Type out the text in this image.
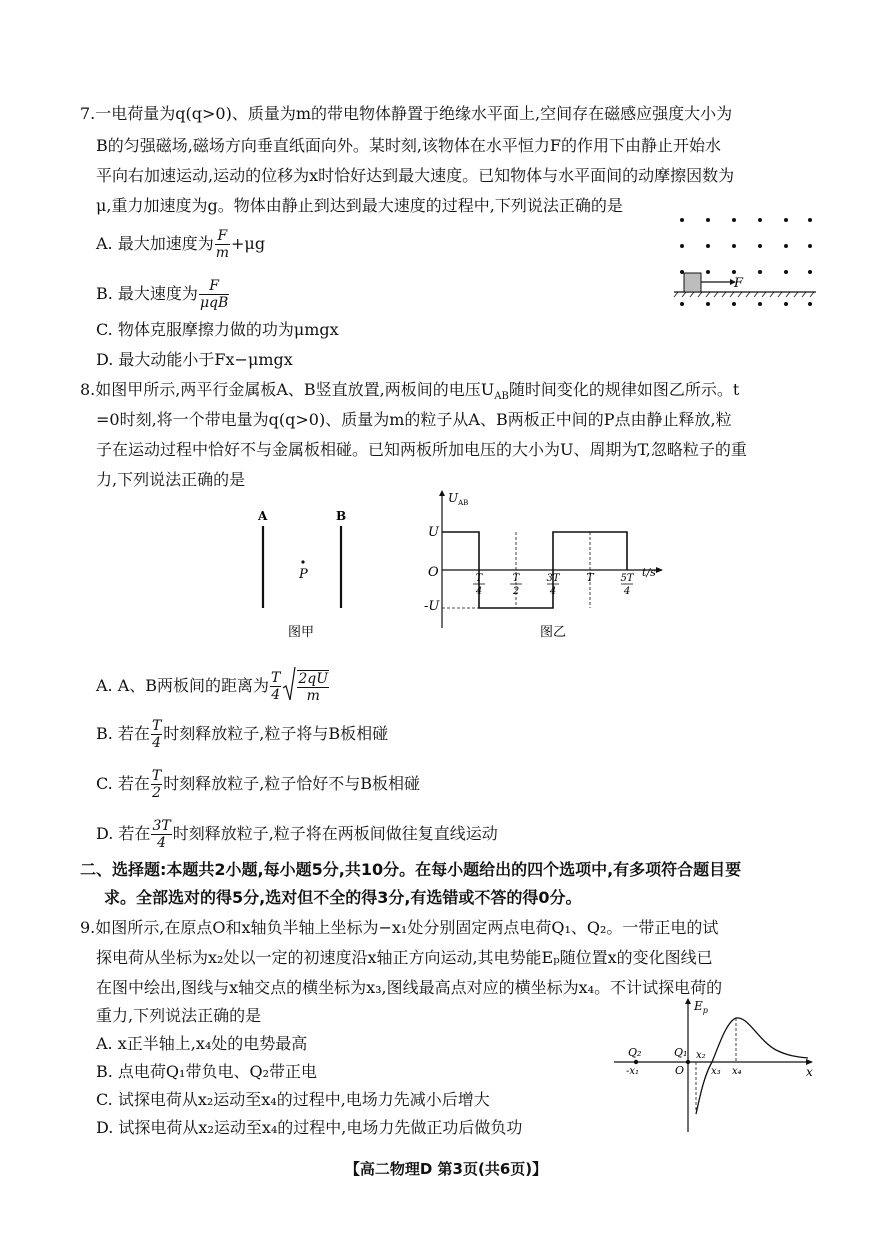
7.一电荷量为q(q>0)、质量为m的带电物体静置于绝缘水平面上,空间存在磁感应强度大小为
B的匀强磁场,磁场方向垂直纸面向外。某时刻,该物体在水平恒力F的作用下由静止开始水
平向右加速运动,运动的位移为x时恰好达到最大速度。已知物体与水平面间的动摩擦因数为
μ,重力加速度为g。物体由静止到达到最大速度的过程中,下列说法正确的是
A. 最大加速度为 $\frac{F}{m} +\mu g$
B. 最大速度为 $\frac{F}{\text{μqB}}$
C. 物体克服摩擦力做的功为μmgx
D. 最大动能小于Fx−μmgx
F
8.如图甲所示,两平行金属板A、B竖直放置,两板间的电压$U_{AB}$随时间变化的规律如图乙所示。t
=0时刻,将一个带电量为q(q>0)、质量为m的粒子从A、B两板正中间的P点由静止释放,粒
子在运动过程中恰好不与金属板相碰。已知两板所加电压的大小为U、周期为T,忽略粒子的重
力,下列说法正确的是
A	B
P
图甲
$U_{AB}$
O
U
-U
T
4
T
2
3T
4
T	5T
4
t/s
图乙
A. A、B两板间的距离为 $\frac{T}{4} \frac{2qU}{m}$
B. 若在 $\frac{T}{4}$ 时刻释放粒子,粒子将与B板相碰
C. 若在 $\frac{T}{2}$ 时刻释放粒子,粒子恰好不与B板相碰
D. 若在 $\frac{3T}{4}$ 时刻释放粒子,粒子将在两板间做往复直线运动
二、选择题:本题共2小题,每小题5分,共10分。在每小题给出的四个选项中,有多项符合题目要
求。全部选对的得5分,选对但不全的得3分,有选错或不答的得0分。
9.如图所示,在原点O和x轴负半轴上坐标为−x₁处分别固定两点电荷Q₁、Q₂。一带正电的试
探电荷从坐标为x₂处以一定的初速度沿x轴正方向运动,其电势能Eₚ随位置x的变化图线已
在图中绘出,图线与x轴交点的横坐标为x₃,图线最高点对应的横坐标为x₄。不计试探电荷的
重力,下列说法正确的是
A. x正半轴上,x₄处的电势最高
B. 点电荷Q₁带负电、Q₂带正电
C. 试探电荷从x₂运动至x₄的过程中,电场力先减小后增大
D. 试探电荷从x₂运动至x₄的过程中,电场力先做正功后做负功
$E_p$
x
Q₂
-x₁
Q₁
O
x₂
x₃ x₄
【高二物理D 第3页(共6页)】
